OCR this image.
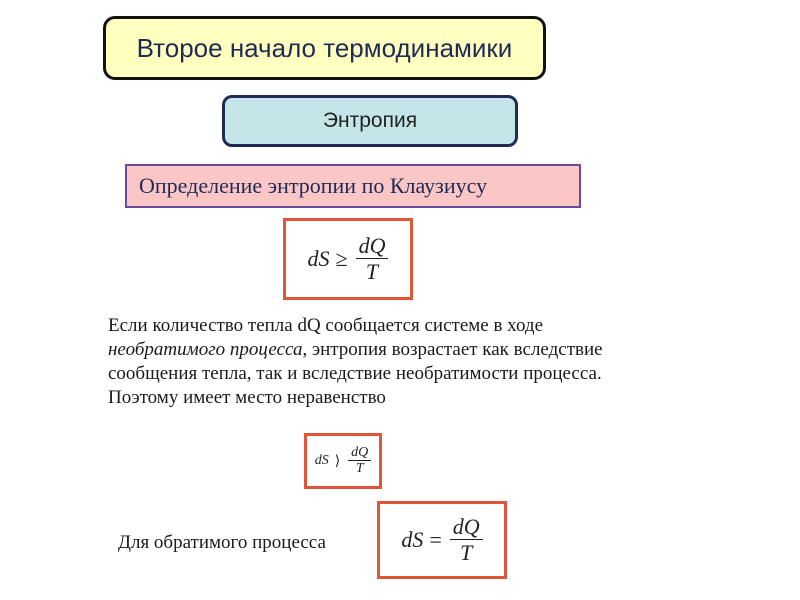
Второе начало термодинамики
Энтропия
Определение энтропии по Клаузиусу
dS ≥ $\frac{dQ}{T}$
Если количество тепла dQ сообщается системе в ходе
необратимого процесса, энтропия возрастает как вследствие
сообщения тепла, так и вследствие необратимости процесса.
Поэтому имеет место неравенство
dS ⟩ $\frac{dQ}{T}$
Для обратимого процесса	dS = $\frac{dQ}{T}$
